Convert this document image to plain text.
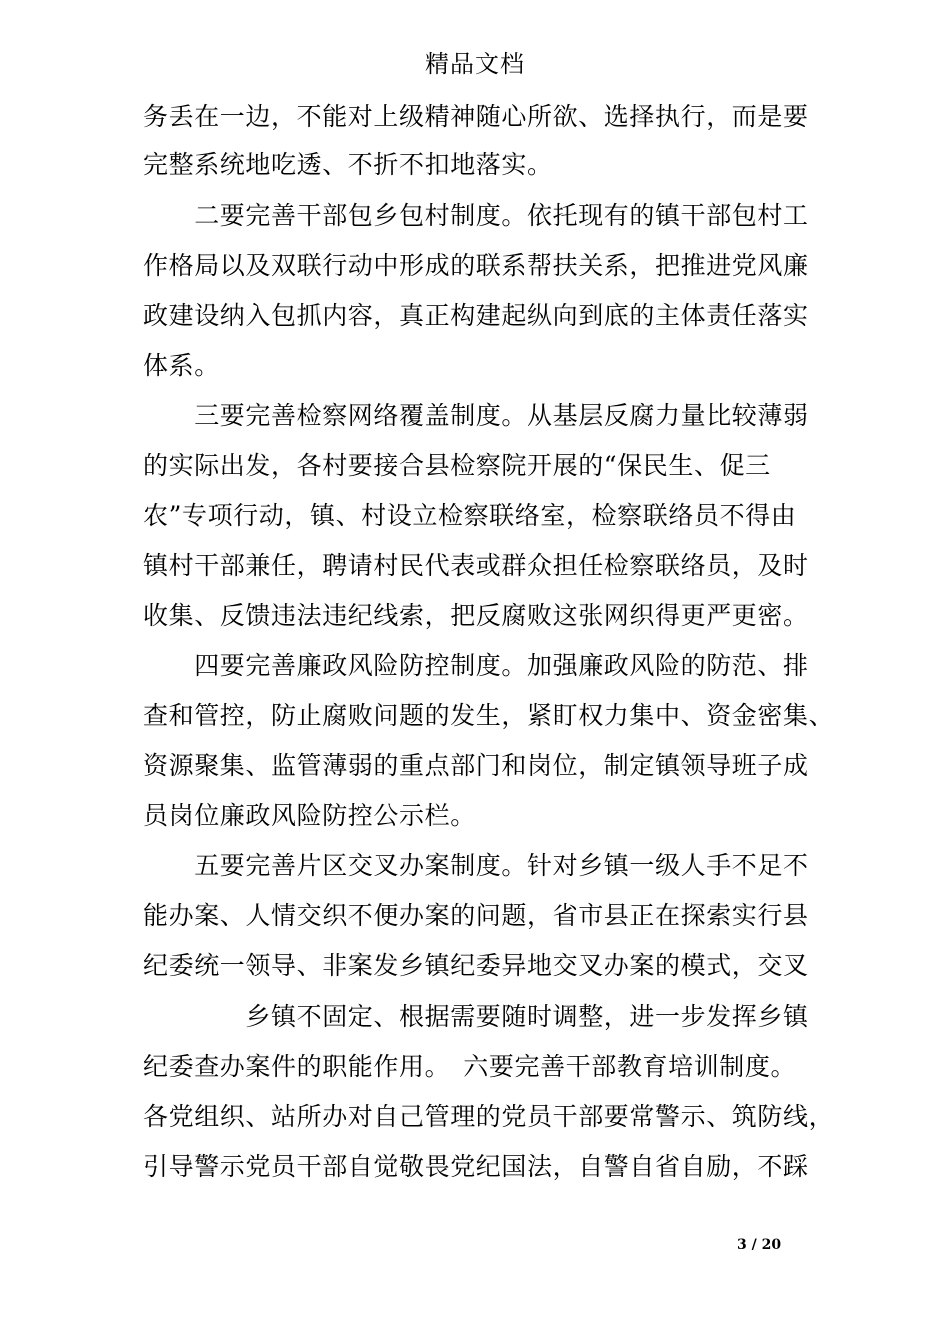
精品文档
务丢在一边，不能对上级精神随心所欲、选择执行，而是要
完整系统地吃透、不折不扣地落实。
　　二要完善干部包乡包村制度。依托现有的镇干部包村工
作格局以及双联行动中形成的联系帮扶关系，把推进党风廉
政建设纳入包抓内容，真正构建起纵向到底的主体责任落实
体系。
　　三要完善检察网络覆盖制度。从基层反腐力量比较薄弱
的实际出发，各村要接合县检察院开展的“保民生、促三
农”专项行动，镇、村设立检察联络室，检察联络员不得由
镇村干部兼任，聘请村民代表或群众担任检察联络员，及时
收集、反馈违法违纪线索，把反腐败这张网织得更严更密。
　　四要完善廉政风险防控制度。加强廉政风险的防范、排
查和管控，防止腐败问题的发生，紧盯权力集中、资金密集、
资源聚集、监管薄弱的重点部门和岗位，制定镇领导班子成
员岗位廉政风险防控公示栏。
　　五要完善片区交叉办案制度。针对乡镇一级人手不足不
能办案、人情交织不便办案的问题，省市县正在探索实行县
纪委统一领导、非案发乡镇纪委异地交叉办案的模式，交叉
　　　　乡镇不固定、根据需要随时调整，进一步发挥乡镇
纪委查办案件的职能作用。　六要完善干部教育培训制度。
各党组织、站所办对自己管理的党员干部要常警示、筑防线，
引导警示党员干部自觉敬畏党纪国法，自警自省自励，不踩
3 / 20
